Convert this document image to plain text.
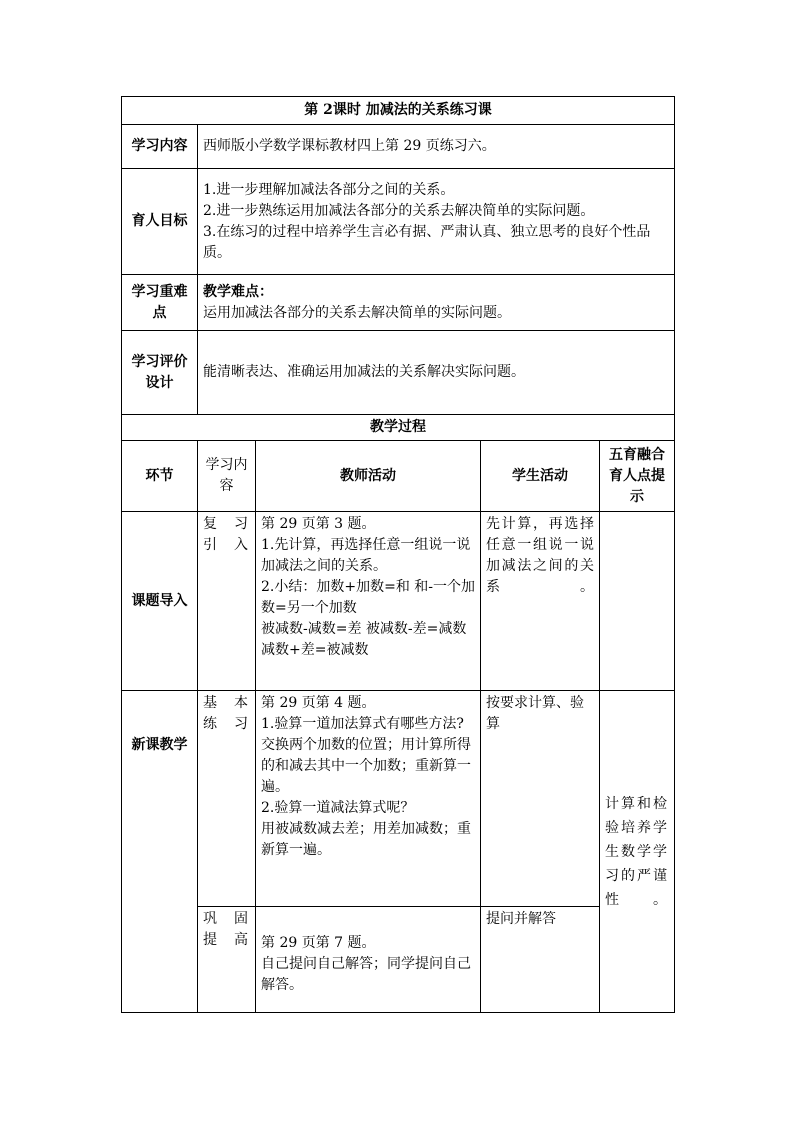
第 2课时 加减法的关系练习课				
学习内容	西师版小学数学课标教材四上第 29 页练习六。			
育人目标	1.进一步理解加减法各部分之间的关系。
2.进一步熟练运用加减法各部分的关系去解决简单的实际问题。
3.在练习的过程中培养学生言必有据、严肃认真、独立思考的良好个性品质。			

学习重难点	教学难点：
运用加减法各部分的关系去解决简单的实际问题。			

学习评价设计	能清晰表达、准确运用加减法的关系解决实际问题。			
教学过程				
环节	学习内容	教师活动	学生活动	五育融合育人点提示
课题导入	复 习 引入	第 29 页第 3 题。
1.先计算，再选择任意一组说一说加减法之间的关系。
2.小结：加数+加数=和 和-一个加数=另一个加数
被减数-减数=差 被减数-差=减数 减数+差=被减数	先计算，再选择任意一组说一说加减法之间的关系。	
新课教学	基 本 练习	第 29 页第 4 题。
1.验算一道加法算式有哪些方法?
交换两个加数的位置；用计算所得的和减去其中一个加数；重新算一遍。
2.验算一道减法算式呢？
用被减数减去差；用差加减数；重新算一遍。	按要求计算、验算	计算和检验培养学生数学学习的严谨性。
	巩 固 提高	第 29 页第 7 题。
自己提问自己解答；同学提问自己解答。	提问并解答	
